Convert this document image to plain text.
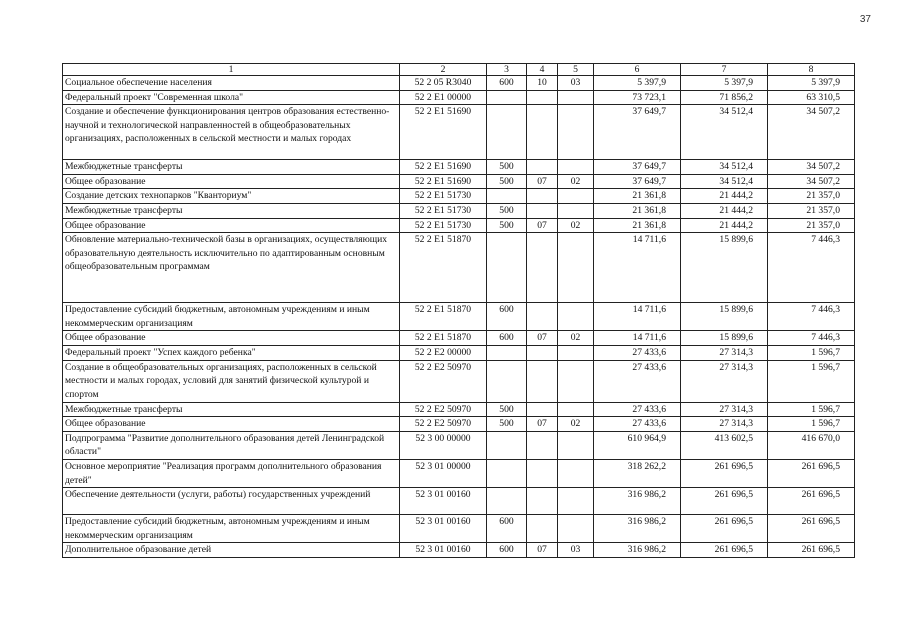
37
1	2	3	4	5	6	7	8
Социальное обеспечение населения	52 2 05 R3040	600	10	03	5 397,9	5 397,9	5 397,9
Федеральный проект "Современная школа"	52 2 E1 00000				73 723,1	71 856,2	63 310,5
Создание и обеспечение функционирования центров образования естественно-научной и технологической направленностей в общеобразовательных организациях, расположенных в сельской местности и малых городах	52 2 E1 51690				37 649,7	34 512,4	34 507,2
Межбюджетные трансферты	52 2 E1 51690	500			37 649,7	34 512,4	34 507,2
Общее образование	52 2 E1 51690	500	07	02	37 649,7	34 512,4	34 507,2
Создание детских технопарков "Кванториум"	52 2 E1 51730				21 361,8	21 444,2	21 357,0
Межбюджетные трансферты	52 2 E1 51730	500			21 361,8	21 444,2	21 357,0
Общее образование	52 2 E1 51730	500	07	02	21 361,8	21 444,2	21 357,0
Обновление материально-технической базы в организациях, осуществляющих образовательную деятельность исключительно по адаптированным основным общеобразовательным программам	52 2 E1 51870				14 711,6	15 899,6	7 446,3
Предоставление субсидий бюджетным, автономным учреждениям и иным некоммерческим организациям	52 2 E1 51870	600			14 711,6	15 899,6	7 446,3
Общее образование	52 2 E1 51870	600	07	02	14 711,6	15 899,6	7 446,3
Федеральный проект "Успех каждого ребенка"	52 2 E2 00000				27 433,6	27 314,3	1 596,7
Создание в общеобразовательных организациях, расположенных в сельской местности и малых городах, условий для занятий физической культурой и спортом	52 2 E2 50970				27 433,6	27 314,3	1 596,7
Межбюджетные трансферты	52 2 E2 50970	500			27 433,6	27 314,3	1 596,7
Общее образование	52 2 E2 50970	500	07	02	27 433,6	27 314,3	1 596,7
Подпрограмма "Развитие дополнительного образования детей Ленинградской области"	52 3 00 00000				610 964,9	413 602,5	416 670,0
Основное мероприятие "Реализация программ дополнительного образования детей"	52 3 01 00000				318 262,2	261 696,5	261 696,5
Обеспечение деятельности (услуги, работы) государственных учреждений	52 3 01 00160				316 986,2	261 696,5	261 696,5
Предоставление субсидий бюджетным, автономным учреждениям и иным некоммерческим организациям	52 3 01 00160	600			316 986,2	261 696,5	261 696,5
Дополнительное образование детей	52 3 01 00160	600	07	03	316 986,2	261 696,5	261 696,5
